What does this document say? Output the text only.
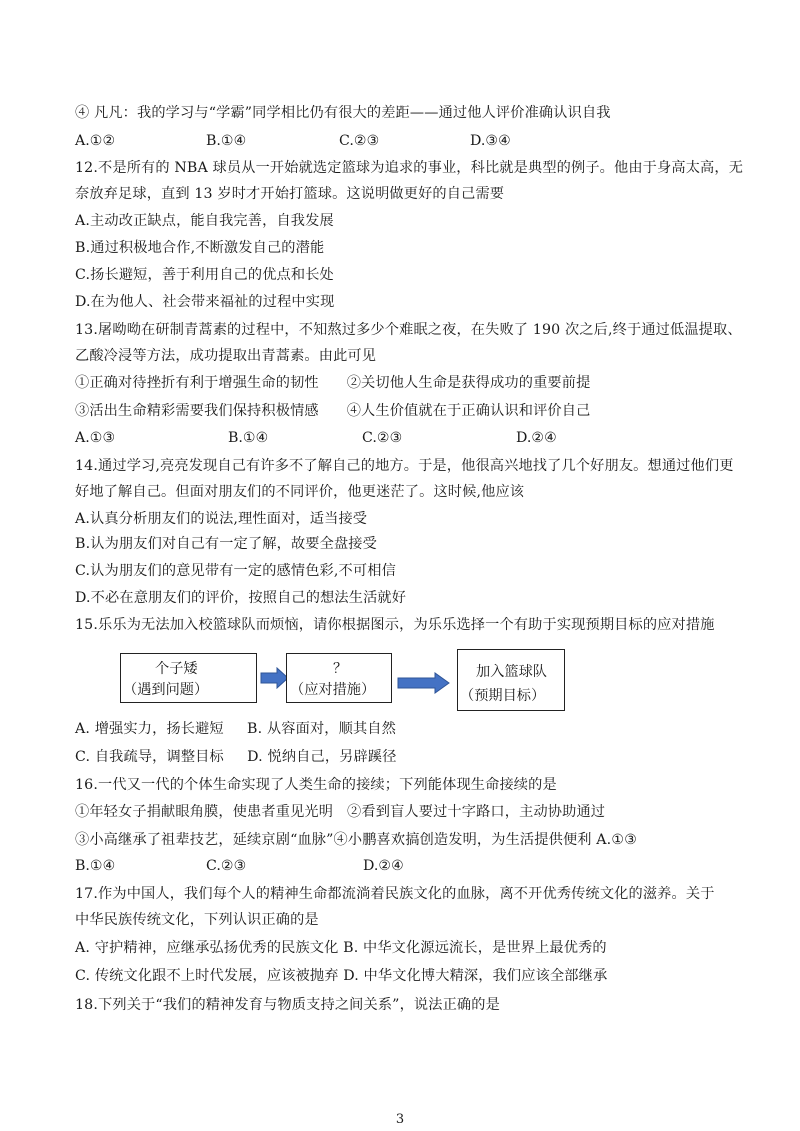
④ 凡凡：我的学习与“学霸”同学相比仍有很大的差距——通过他人评价准确认识自我
A.①②	B.①④	C.②③	D.③④
12.不是所有的 NBA 球员从一开始就选定篮球为追求的事业，科比就是典型的例子。他由于身高太高，无
奈放弃足球，直到 13 岁时才开始打篮球。这说明做更好的自己需要
A.主动改正缺点，能自我完善，自我发展
B.通过积极地合作,不断激发自己的潜能
C.扬长避短，善于利用自己的优点和长处
D.在为他人、社会带来福祉的过程中实现
13.屠呦呦在研制青蒿素的过程中，不知熬过多少个难眠之夜，在失败了 190 次之后,终于通过低温提取、
乙酸冷浸等方法，成功提取出青蒿素。由此可见
①正确对待挫折有利于增强生命的韧性      ②关切他人生命是获得成功的重要前提
③活出生命精彩需要我们保持积极情感      ④人生价值就在于正确认识和评价自己
A.①③	B.①④	C.②③	D.②④
14.通过学习,亮亮发现自己有许多不了解自己的地方。于是，他很高兴地找了几个好朋友。想通过他们更
好地了解自己。但面对朋友们的不同评价，他更迷茫了。这时候,他应该
A.认真分析朋友们的说法,理性面对，适当接受
B.认为朋友们对自己有一定了解，故要全盘接受
C.认为朋友们的意见带有一定的感情色彩,不可相信
D.不必在意朋友们的评价，按照自己的想法生活就好
15.乐乐为无法加入校篮球队而烦恼，请你根据图示，为乐乐选择一个有助于实现预期目标的应对措施
个子矮
（遇到问题）
？
（应对措施）
加入篮球队
（预期目标）
A. 增强实力，扬长避短     B. 从容面对，顺其自然
C. 自我疏导，调整目标     D. 悦纳自己，另辟蹊径
16.一代又一代的个体生命实现了人类生命的接续；下列能体现生命接续的是
①年轻女子捐献眼角膜，使患者重见光明   ②看到盲人要过十字路口，主动协助通过
③小高继承了祖辈技艺，延续京剧“血脉”④小鹏喜欢搞创造发明，为生活提供便利 A.①③
B.①④	C.②③	D.②④
17.作为中国人，我们每个人的精神生命都流淌着民族文化的血脉，离不开优秀传统文化的滋养。关于
中华民族传统文化，下列认识正确的是
A. 守护精神，应继承弘扬优秀的民族文化 B. 中华文化源远流长，是世界上最优秀的
C. 传统文化跟不上时代发展，应该被抛弃 D. 中华文化博大精深，我们应该全部继承
18.下列关于“我们的精神发育与物质支持之间关系”，说法正确的是
3
